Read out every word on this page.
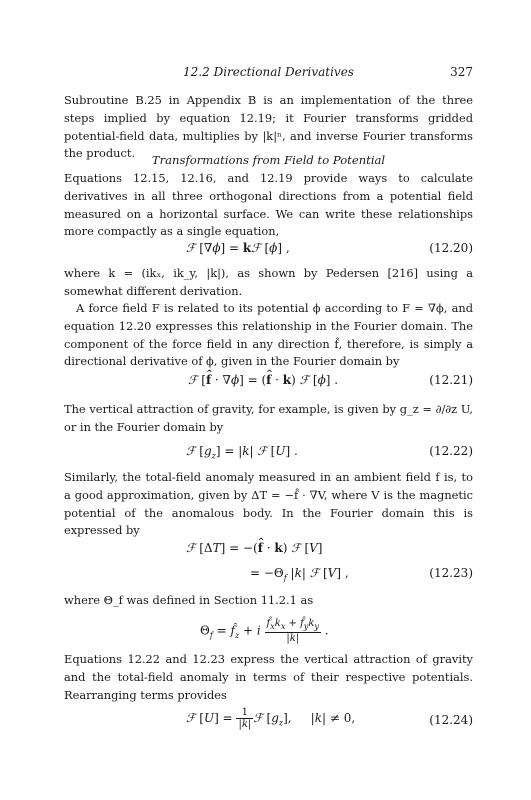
12.2 Directional Derivatives	327
Subroutine B.25 in Appendix B is an implementation of the three steps implied by equation 12.19; it Fourier transforms gridded potential-field data, multiplies by |k|ⁿ, and inverse Fourier transforms the product.	Transformations from Field to Potential
Equations 12.15, 12.16, and 12.19 provide ways to calculate derivatives in all three orthogonal directions from a potential field measured on a horizontal surface. We can write these relationships more compactly as a single equation,
ℱ [∇ϕ] = kℱ [ϕ] ,	(12.20)
where k = (ikₓ, ik_y, |k|), as shown by Pedersen [216] using a somewhat different derivation.
A force field F is related to its potential ϕ according to F = ∇ϕ, and equation 12.20 expresses this relationship in the Fourier domain. The component of the force field in any direction f̂, therefore, is simply a directional derivative of ϕ, given in the Fourier domain by
ℱ [f ^ · ∇ϕ] = (f ^ · k) ℱ [ϕ] .	(12.21)
The vertical attraction of gravity, for example, is given by g_z = ∂/∂z U, or in the Fourier domain by
ℱ $[g_z] = |k|$ ℱ [U] .	(12.22)
Similarly, the total-field anomaly measured in an ambient field f is, to a good approximation, given by ΔT = −f̂ · ∇V, where V is the magnetic potential of the anomalous body. In the Fourier domain this is expressed by
ℱ [ΔT] = −(f ^ · k) ℱ [V]
= $-\Theta_f$ |k| ℱ [V] ,	(12.23)
where Θ_f was defined in Section 11.2.1 as
$\Theta_f$ = $f̂_z + i \frac{f̂_xk_x + f̂_yk_y}{|k|}$ .
Equations 12.22 and 12.23 express the vertical attraction of gravity and the total-field anomaly in terms of their respective potentials. Rearranging terms provides
ℱ $[U] = \frac{1}{|k|}$ ℱ $[g_z]$,     |k| ≠ 0,	(12.24)
